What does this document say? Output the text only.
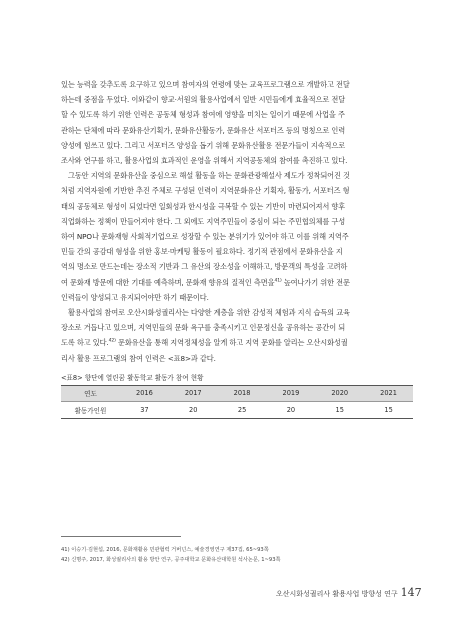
있는 능력을 갖추도록 요구하고 있으며 참여자의 연령에 맞는 교육프로그램으로 개발하고 전달
하는데 중점을 두었다. 이와같이 향교·서원의 활용사업에서 일반 시민들에게 효율적으로 전달
할 수 있도록 하기 위한 인력은 공동체 형성과 참여에 영향을 미치는 일이기 때문에 사업을 주
관하는 단체에 따라 문화유산기획가, 문화유산활동가, 문화유산 서포터즈 등의 명칭으로 인력
양성에 힘쓰고 있다. 그리고 서포터즈 양성을 돕기 위해 문화유산활용 전문가들이 지속적으로
조사와 연구를 하고, 활용사업의 효과적인 운영을 위해서 지역공동체의 참여를 촉진하고 있다.

그동안 지역의 문화유산을 중심으로 해설 활동을 하는 문화관광해설사 제도가 정착되어진 것
처럼 지역자원에 기반한 추진 주체로 구성된 인력이 지역문화유산 기획자, 활동가, 서포터즈 형
태의 공동체로 형성이 되었다면 일회성과 한시성을 극복할 수 있는 기반이 마련되어져서 향후
직업화하는 정책이 만들어져야 한다. 그 외에도 지역주민들이 중심이 되는 주민협의체를 구성
하여 NPO나 문화재형 사회적기업으로 성장할 수 있는 분위기가 있어야 하고 이를 위해 지역주
민들 간의 공감대 형성을 위한 홍보·마케팅 활동이 필요하다. 정기적 관점에서 문화유산을 지
역의 명소로 만드는데는 장소적 기반과 그 유산의 장소성을 이해하고, 방문객의 특성을 고려하
여 문화재 방문에 대한 기대를 예측하며, 문화재 향유의 질적인 측면을$^{41)}$ 높여나가기 위한 전문
인력들이 양성되고 유지되어야만 하기 때문이다.

활용사업의 참여로 오산시화성궐리사는 다양한 계층을 위한 감성적 체험과 지식 습득의 교육
장소로 거듭나고 있으며, 지역민들의 문화 욕구를 충족시키고 인문정신을 공유하는 공간이 되
도록 하고 있다.$^{42)}$ 문화유산을 통해 지역정체성을 알게 하고 지역 문화를 알리는 오산시화성궐
리사 활용 프로그램의 참여 인력은 <표8>과 같다.

<표8> 향단에 열린꿈 활동학교 활동가 참여 현황
연도	2016	2017	2018	2019	2020	2021
활동가인원	37	20	25	20	15	15
41) 이승기·김현섭, 2016, 문화재활용 민관협력 거버넌스, 예술경영연구 제37집, 65~93쪽
42) 신명주, 2017, 화성궐리사의 활용 방안 연구, 공주대학교 문화유산대학원 석사논문, 1~93쪽
오산시화성궐리사 활용사업 방향성 연구 147
